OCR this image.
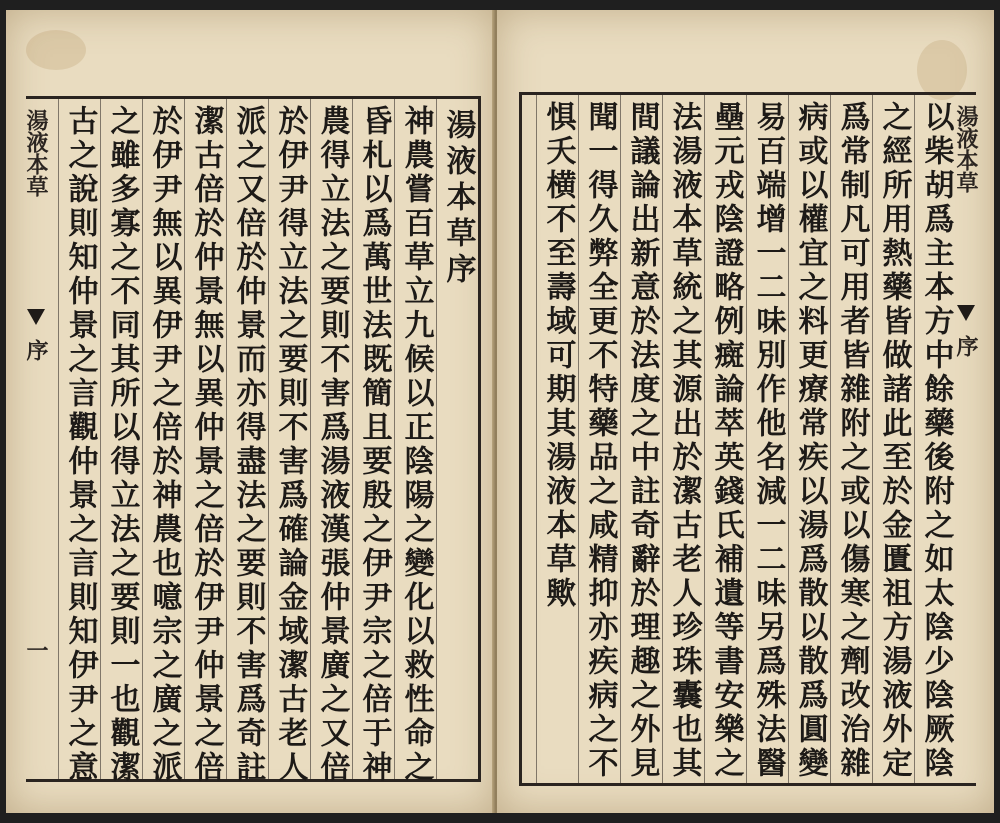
湯液本草
序
一
湯液本草序
神農嘗百草立九候以正陰陽之變化以救性命之
昏札以爲萬世法既簡且要殷之伊尹宗之倍于神
農得立法之要則不害爲湯液漢張仲景廣之又倍
於伊尹得立法之要則不害爲確論金域潔古老人
派之又倍於仲景而亦得盡法之要則不害爲奇註
潔古倍於仲景無以異仲景之倍於伊尹仲景之倍
於伊尹無以異伊尹之倍於神農也噫宗之廣之派
之雖多寡之不同其所以得立法之要則一也觀潔
古之說則知仲景之言觀仲景之言則知伊尹之意	以柴胡爲主本方中餘藥後附之如太陰少陰厥陰
之經所用熱藥皆做諸此至於金匱祖方湯液外定
爲常制凡可用者皆雜附之或以傷寒之劑改治雜
病或以權宜之料更療常疾以湯爲散以散爲圓變
易百端增一二味別作他名減一二味另爲殊法醫
壘元戎陰證略例癍論萃英錢氏補遺等書安樂之
法湯液本草統之其源出於潔古老人珍珠囊也其
間議論出新意於法度之中註奇辭於理趣之外見
聞一得久弊全更不特藥品之咸精抑亦疾病之不
惧夭横不至壽域可期其湯液本草歟	湯液本草
序
